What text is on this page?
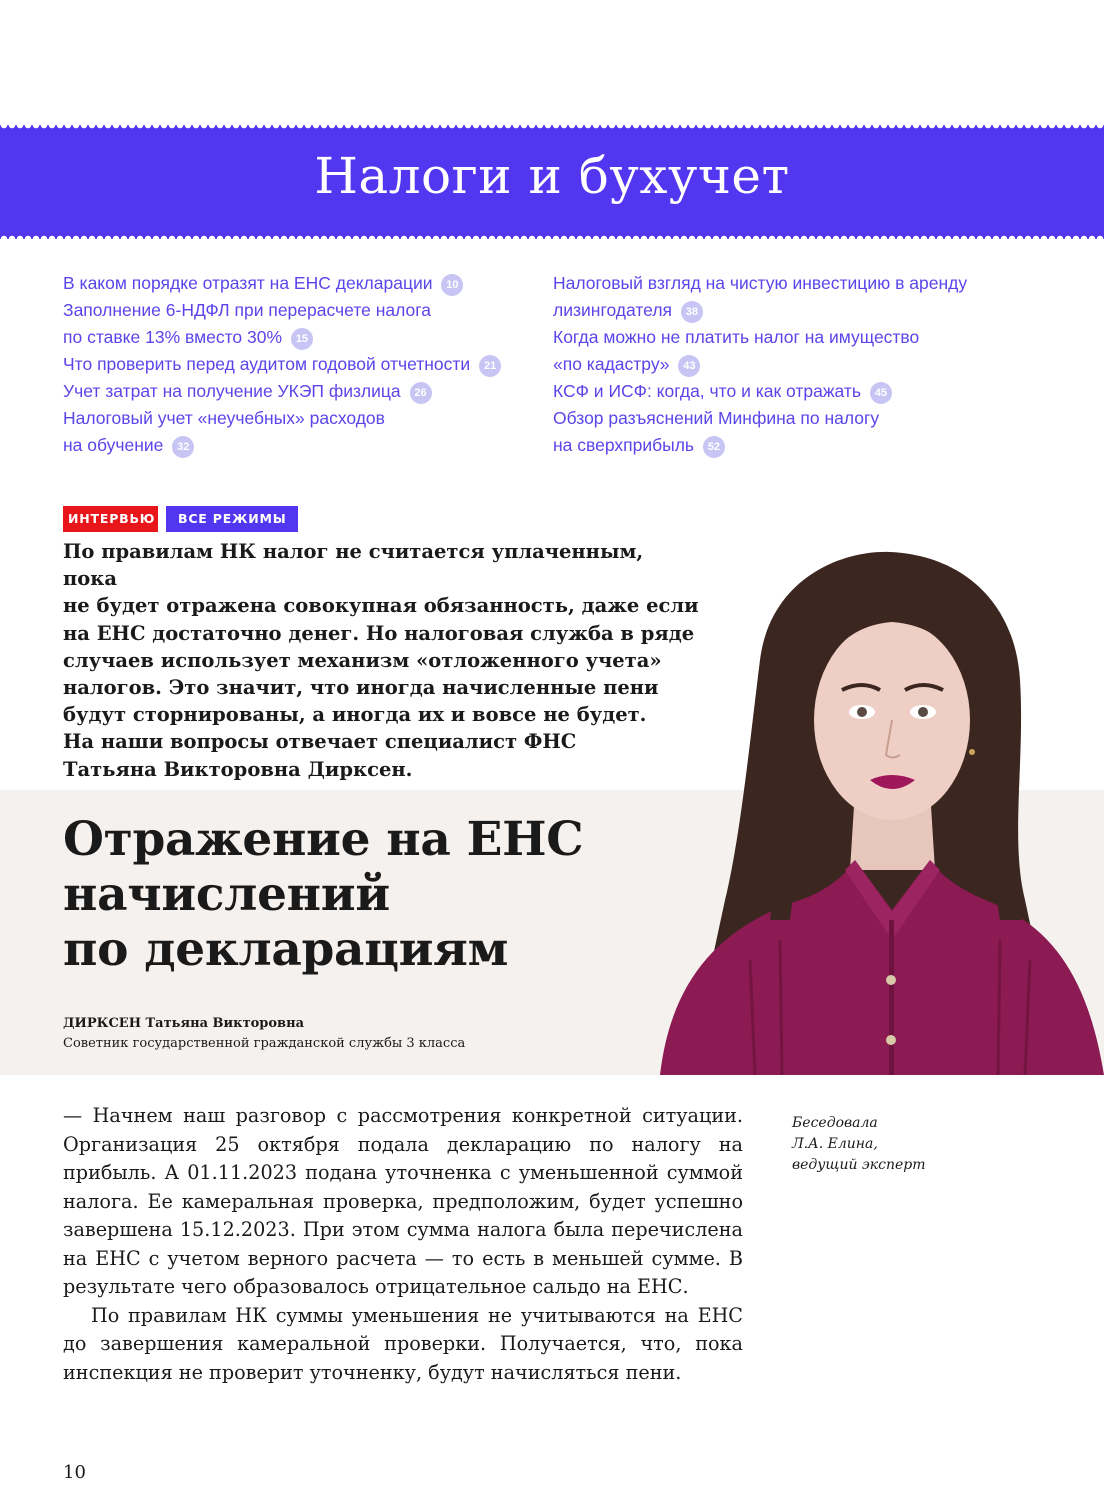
Налоги и бухучет
В каком порядке отразят на ЕНС декларации 10
Заполнение 6-НДФЛ при перерасчете налога
по ставке 13% вместо 30% 15
Что проверить перед аудитом годовой отчетности 21
Учет затрат на получение УКЭП физлица 26
Налоговый учет «неучебных» расходов
на обучение 32
Налоговый взгляд на чистую инвестицию в аренду
лизингодателя 38
Когда можно не платить налог на имущество
«по кадастру» 43
КСФ и ИСФ: когда, что и как отражать 45
Обзор разъяснений Минфина по налогу
на сверхприбыль 52
ИНТЕРВЬЮ	ВСЕ РЕЖИМЫ

По правилам НК налог не считается уплаченным, пока
не будет отражена совокупная обязанность, даже если
на ЕНС достаточно денег. Но налоговая служба в ряде
случаев использует механизм «отложенного учета»
налогов. Это значит, что иногда начисленные пени
будут сторнированы, а иногда их и вовсе не будет.
На наши вопросы отвечает специалист ФНС
Татьяна Викторовна Дирксен.

Отражение на ЕНС
начислений
по декларациям
ДИРКСЕН Татьяна Викторовна
Советник государственной гражданской службы 3 класса

— Начнем наш разговор с рассмотрения конкретной ситуации. Организация 25 октября подала декларацию по налогу на прибыль. А 01.11.2023 подана уточненка с уменьшенной суммой налога. Ее камеральная проверка, предположим, будет успешно завершена 15.12.2023. При этом сумма налога была перечислена на ЕНС с учетом верного расчета — то есть в меньшей сумме. В результате чего образовалось отрицательное сальдо на ЕНС.

По правилам НК суммы уменьшения не учитываются на ЕНС до завершения камеральной проверки. Получается, что, пока инспекция не проверит уточненку, будут начисляться пени.

Беседовала
Л.А. Елина,
ведущий эксперт
10
